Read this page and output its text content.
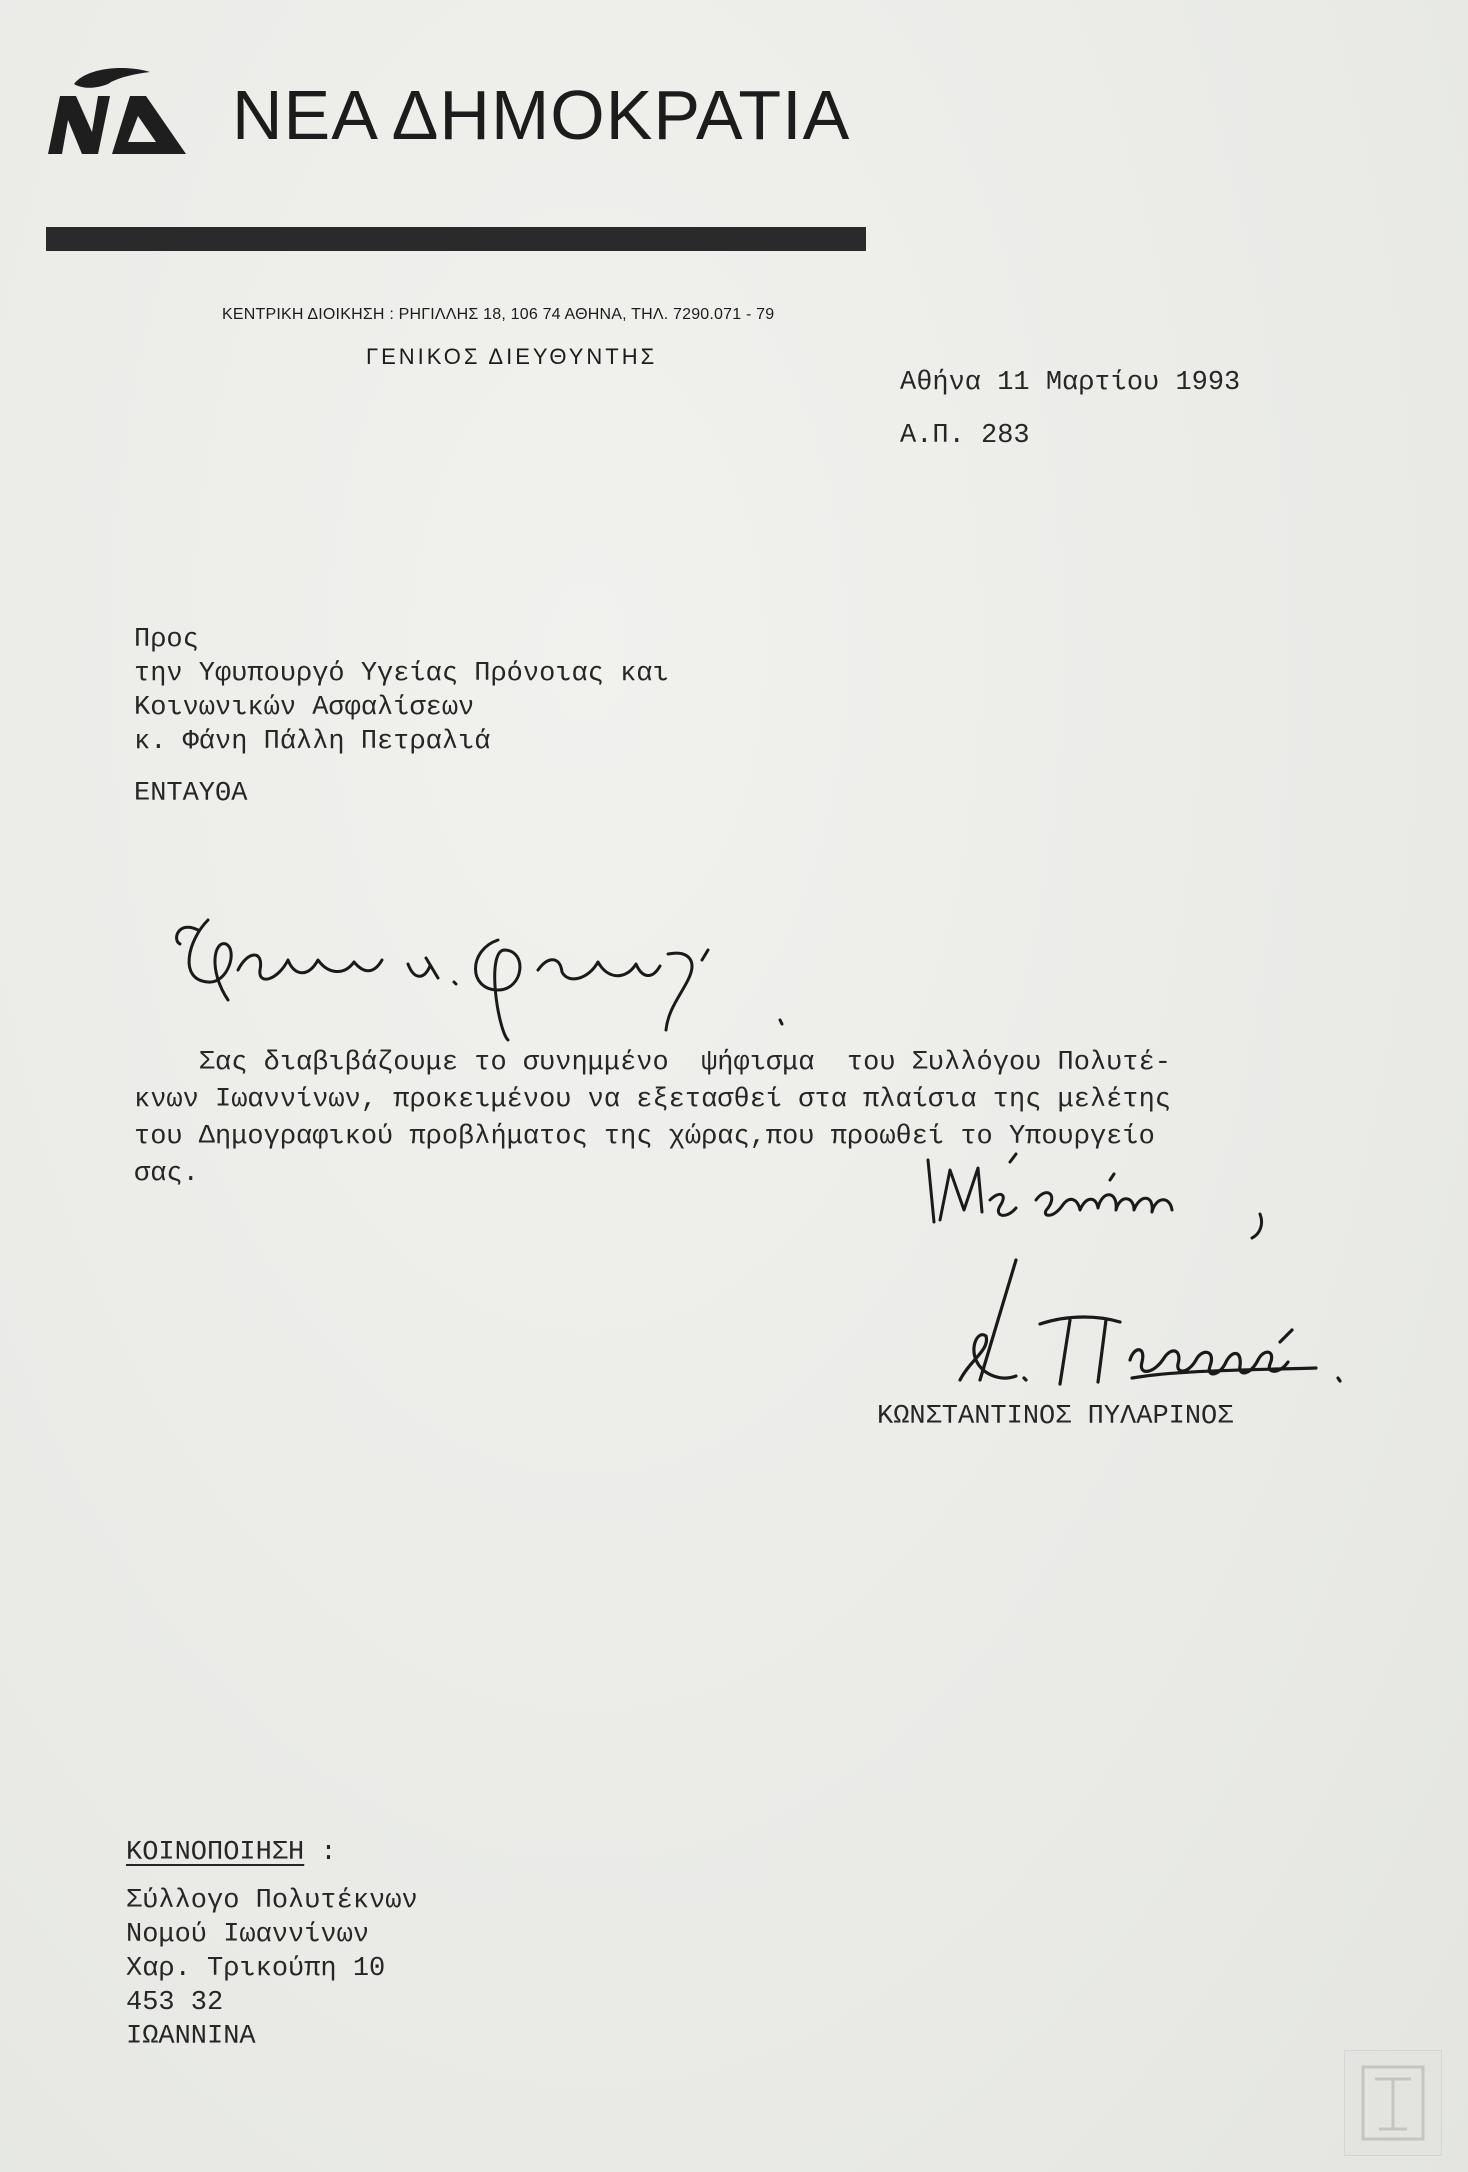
ΝΕΑ ΔΗΜΟΚΡΑΤΙΑ
ΚΕΝΤΡΙΚΗ ΔΙΟΙΚΗΣΗ : ΡΗΓΙΛΛΗΣ 18, 106 74 ΑΘΗΝΑ, ΤΗΛ. 7290.071 - 79
ΓΕΝΙΚΟΣ ΔΙΕΥΘΥΝΤΗΣ
Αθήνα 11 Μαρτίου 1993
Α.Π. 283
Προς
την Υφυπουργό Υγείας Πρόνοιας και
Κοινωνικών Ασφαλίσεων
κ. Φάνη Πάλλη Πετραλιά
ΕΝΤΑΥΘΑ
Σας διαβιβάζουμε το συνημμένο  ψήφισμα  του Συλλόγου Πολυτέ-
κνων Ιωαννίνων, προκειμένου να εξετασθεί στα πλαίσια της μελέτης
του Δημογραφικού προβλήματος της χώρας,που προωθεί το Υπουργείο
σας.
ΚΩΝΣΤΑΝΤΙΝΟΣ ΠΥΛΑΡΙΝΟΣ
ΚΟΙΝΟΠΟΙΗΣΗ :
Σύλλογο Πολυτέκνων
Νομού Ιωαννίνων
Χαρ. Τρικούπη 10
453 32
ΙΩΑΝΝΙΝΑ
